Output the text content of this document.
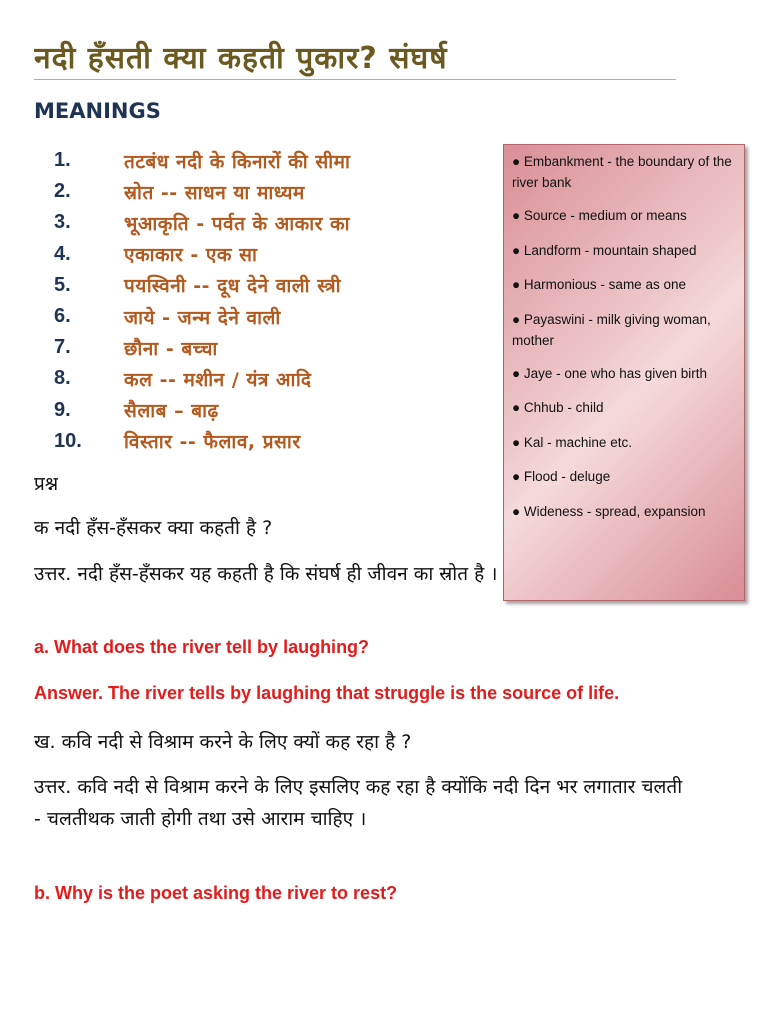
नदी हँसती क्या कहती पुकार? संघर्ष
MEANINGS
1.	तटबंध नदी के किनारों की सीमा
2.	स्रोत -- साधन या माध्यम
3.	भूआकृति - पर्वत के आकार का
4.	एकाकार - एक सा
5.	पयस्विनी -- दूध देने वाली स्त्री
6.	जाये - जन्म देने वाली
7.	छौना - बच्चा
8.	कल -- मशीन / यंत्र आदि
9.	सैलाब – बाढ़
10.	विस्तार -- फैलाव, प्रसार

● Embankment - the boundary of the river bank

● Source - medium or means

● Landform - mountain shaped

● Harmonious - same as one

● Payaswini - milk giving woman, mother

● Jaye - one who has given birth

● Chhub - child

● Kal - machine etc.

● Flood - deluge

● Wideness - spread, expansion

प्रश्न
क नदी हँस-हँसकर क्या कहती है ?
उत्तर. नदी हँस-हँसकर यह कहती है कि संघर्ष ही जीवन का स्रोत है ।
a. What does the river tell by laughing?
Answer. The river tells by laughing that struggle is the source of life.
ख. कवि नदी से विश्राम करने के लिए क्यों कह रहा है ?
उत्तर. कवि नदी से विश्राम करने के लिए इसलिए कह रहा है क्योंकि नदी दिन भर लगातार चलती - चलतीथक जाती होगी तथा उसे आराम चाहिए ।
b. Why is the poet asking the river to rest?
